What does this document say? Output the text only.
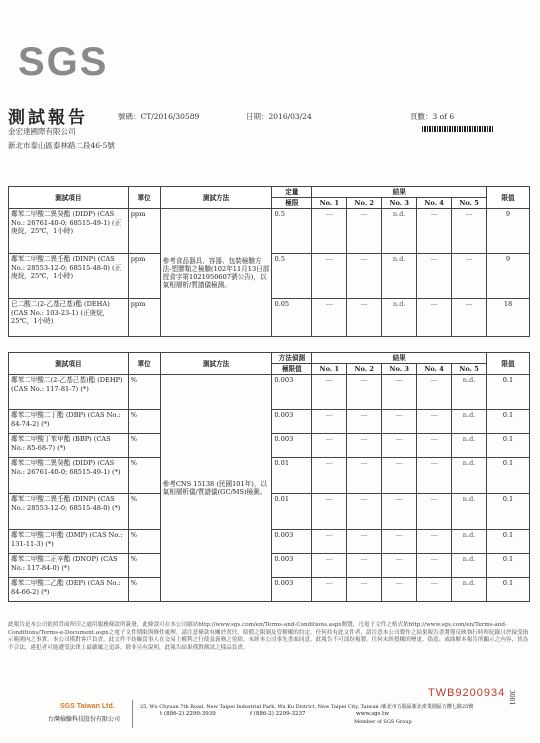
SGS
測試報告	號碼：CT/2016/30589	日期：2016/03/24	頁數：3 of 6
金宏達國際有限公司
新北市泰山區泰林路二段46-5號
測試項目	單位	測試方法	定量	結果					限值
			極限	No. 1	No. 2	No. 3	No. 4	No. 5	
鄰苯二甲酸二異癸酯 (DIDP) (CAS No.: 26761-40-0; 68515-49-1) (正庚烷，25℃，1小時)	ppm	參考食品器具、容器、包裝檢驗方法-塑膠類之檢驗(102年11月13日部授食字第1021950607號公告)，以氣相層析/質譜儀檢測。	0.5	---	---	n.d.	---	---	9
鄰苯二甲酸二異壬酯 (DINP) (CAS No.: 28553-12-0; 68515-48-0) (正庚烷，25℃，1小時)	ppm		0.5	---	---	n.d.	---	---	9
已二酸二(2-乙基己基)酯 (DEHA) (CAS No.: 103-23-1) (正庚烷，25℃，1小時)	ppm		0.05	---	---	n.d.	---	---	18
測試項目	單位	測試方法	方法偵測	結果					限值
			極限值	No. 1	No. 2	No. 3	No. 4	No. 5	
鄰苯二甲酸二(2-乙基己基)酯 (DEHP) (CAS No.: 117-81-7) (*)	%	參考CNS 15138 (民國101年)，以氣相層析儀/質譜儀(GC/MS)檢測。	0.003	---	---	---	---	n.d.	0.1
鄰苯二甲酸二丁酯 (DBP) (CAS No.: 84-74-2) (*)	%		0.003	---	---	---	---	n.d.	0.1
鄰苯二甲酸丁苯甲酯 (BBP) (CAS No.: 85-68-7) (*)	%		0.003	---	---	---	---	n.d.	0.1
鄰苯二甲酸二異癸酯 (DIDP) (CAS No.: 26761-40-0; 68515-49-1) (*)	%		0.01	---	---	---	---	n.d.	0.1
鄰苯二甲酸二異壬酯 (DINP) (CAS No.: 28553-12-0; 68515-48-0) (*)	%		0.01	---	---	---	---	n.d.	0.1
鄰苯二甲酸二甲酯 (DMP) (CAS No.: 131-11-3) (*)	%		0.003	---	---	---	---	n.d.	0.1
鄰苯二甲酸二正辛酯 (DNOP) (CAS No.: 117-84-0) (*)	%		0.003	---	---	---	---	n.d.	0.1
鄰苯二甲酸二乙酯 (DEP) (CAS No.: 84-66-2) (*)	%		0.003	---	---	---	---	n.d.	0.1
此報告是本公司依照背面所印之通用服務條款所簽發，此條款可在本公司網站http://www.sgs.com/en/Terms-and-Conditions.aspx閱覽，凡電子文件之格式依http://www.sgs.com/en/Terms-and-Conditions/Terms-e-Document.aspx之電子文件期限與條件處理。請注意條款有關於責任、賠償之限制及管轄權的約定。任何持有此文件者，請注意本公司製作之結果報告書將僅反映執行時所紀錄且於接受指示範圍內之事實。本公司僅對客戶負責，此文件不妨礙當事人在交易上權利之行使及義務之免除。未經本公司事先書面同意，此報告不可部份複製。任何未經授權的變更、偽造、或曲解本報告所顯示之內容，皆為不合法，違犯者可能遭受法律上最嚴厲之追訴。除非另有說明，此報告結果僅對測試之樣品負責。
SGS Taiwan Ltd.
台灣檢驗科技股份有限公司
25, Wu Chyuan 7th Road, New Taipei Industrial Park, Wu Ku District, New Taipei City, Taiwan /新北市五股區新北產業園區五權七路25號
t (886-2) 2299-3939	f (886-2) 2299-3237	www.sgs.tw
Member of SGS Group
TWB9200934 3001
